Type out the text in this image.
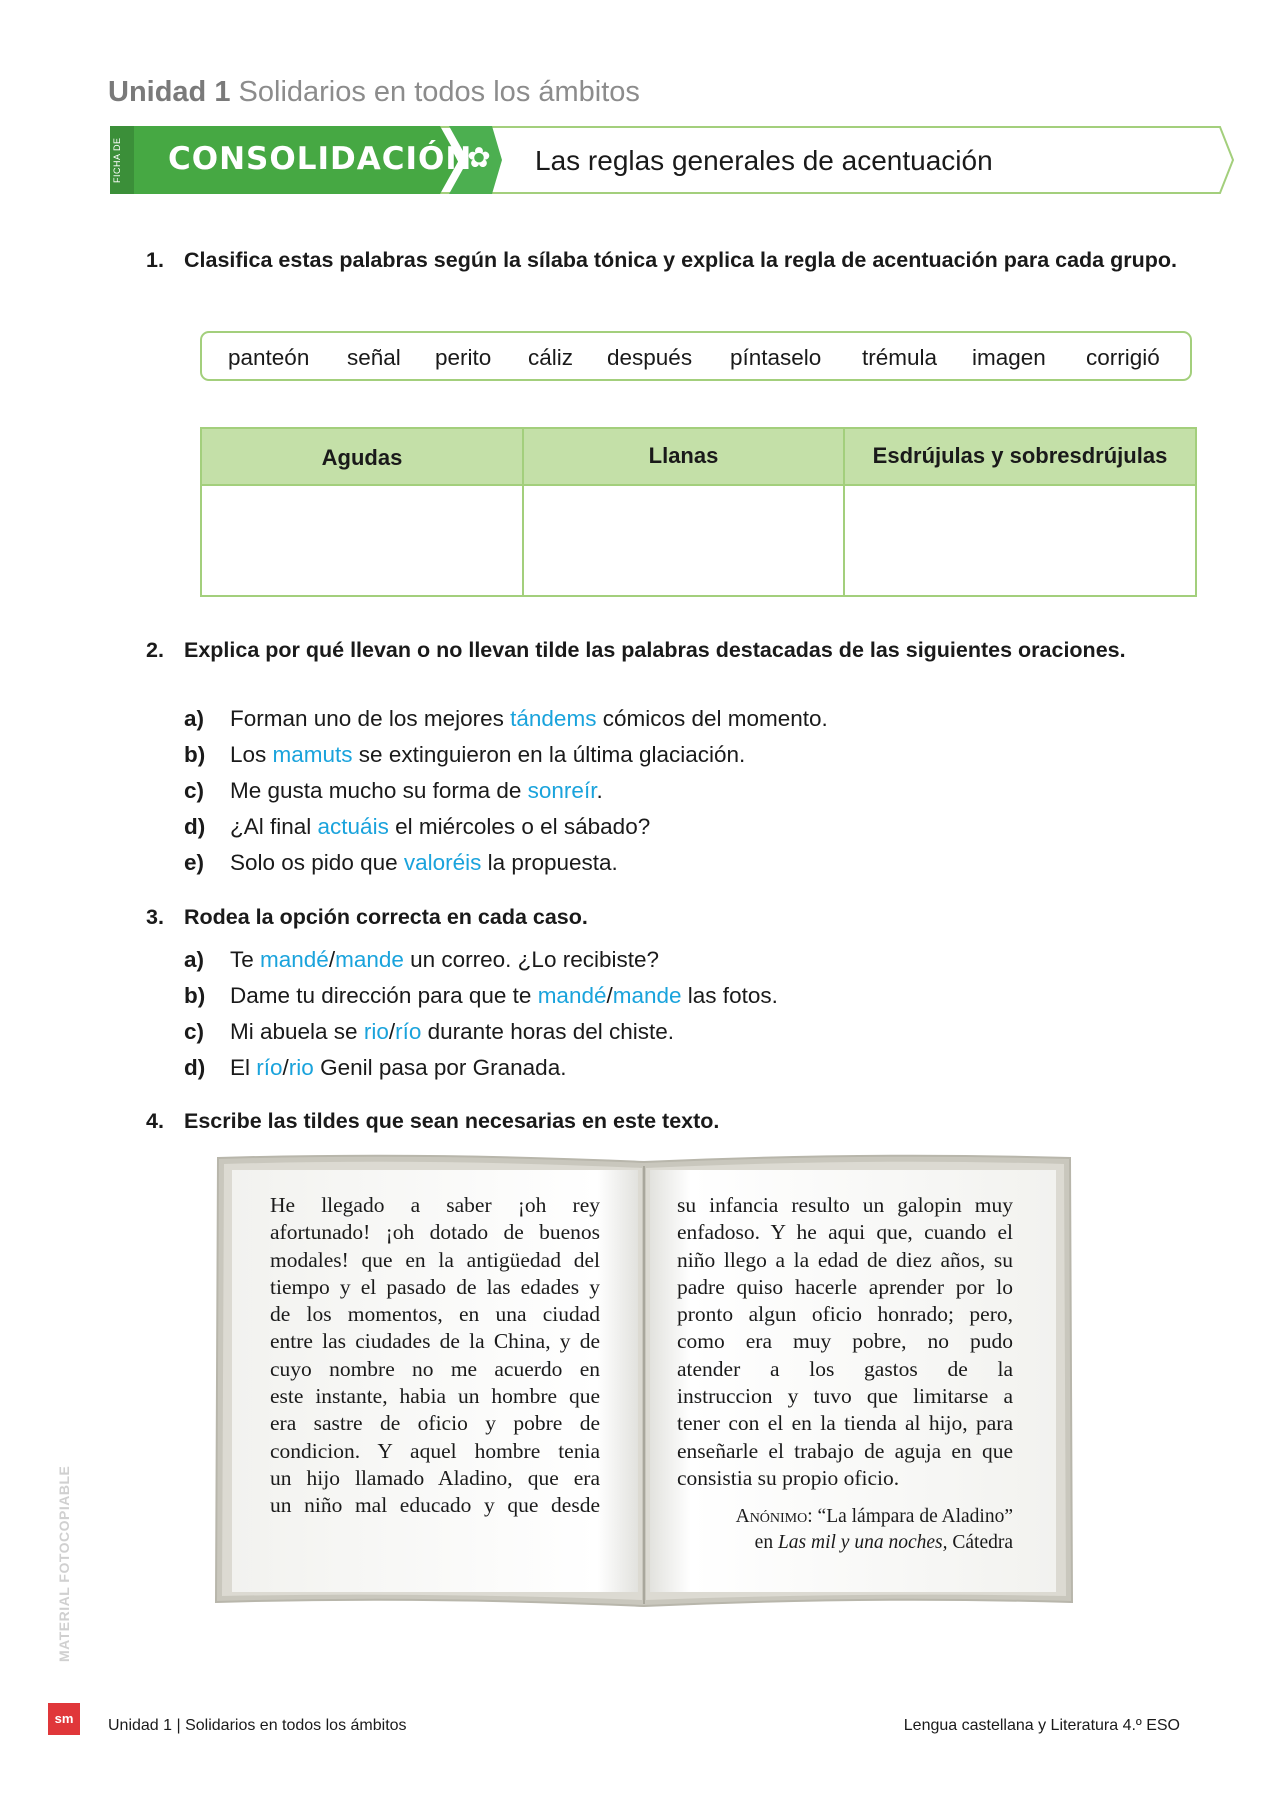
Unidad 1 Solidarios en todos los ámbitos
FICHA DE	CONSOLIDACIÓN
✿ Las reglas generales de acentuación
1. Clasifica estas palabras según la sílaba tónica y explica la regla de acentuación para cada grupo.
panteón señal perito cáliz después píntaselo trémula imagen corrigió
Agudas	Llanas	Esdrújulas y sobresdrújulas
2. Explica por qué llevan o no llevan tilde las palabras destacadas de las siguientes oraciones.
a) Forman uno de los mejores tándems cómicos del momento.
b) Los mamuts se extinguieron en la última glaciación.
c) Me gusta mucho su forma de sonreír.
d) ¿Al final actuáis el miércoles o el sábado?
e) Solo os pido que valoréis la propuesta.
3. Rodea la opción correcta en cada caso.
a) Te mandé/mande un correo. ¿Lo recibiste?
b) Dame tu dirección para que te mandé/mande las fotos.
c) Mi abuela se rio/río durante horas del chiste.
d) El río/rio Genil pasa por Granada.
4. Escribe las tildes que sean necesarias en este texto.
He llegado a saber ¡oh rey
afortunado! ¡oh dotado de buenos
modales! que en la antigüedad del
tiempo y el pasado de las edades y
de los momentos, en una ciudad
entre las ciudades de la China, y de
cuyo nombre no me acuerdo en
este instante, habia un hombre que
era sastre de oficio y pobre de
condicion. Y aquel hombre tenia
un hijo llamado Aladino, que era
un niño mal educado y que desde
su infancia resulto un galopin muy
enfadoso. Y he aqui que, cuando el
niño llego a la edad de diez años, su
padre quiso hacerle aprender por lo
pronto algun oficio honrado; pero,
como era muy pobre, no pudo
atender a los gastos de la
instruccion y tuvo que limitarse a
tener con el en la tienda al hijo, para
enseñarle el trabajo de aguja en que
consistia su propio oficio.
Anónimo: “La lámpara de Aladino”
en Las mil y una noches, Cátedra
MATERIAL FOTOCOPIABLE
sm	Unidad 1 | Solidarios en todos los ámbitos	Lengua castellana y Literatura 4.º ESO
